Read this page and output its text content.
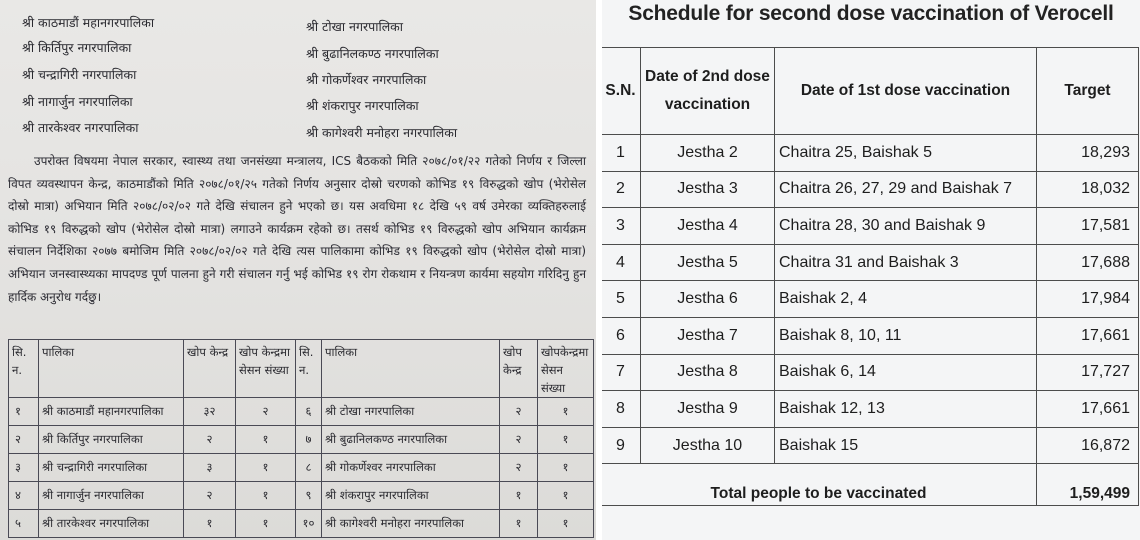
श्री काठमाडौं महानगरपालिका
श्री किर्तिपुर नगरपालिका
श्री चन्द्रागिरी नगरपालिका
श्री नागार्जुन नगरपालिका
श्री तारकेश्वर नगरपालिका
श्री टोखा नगरपालिका
श्री बुढानिलकण्ठ नगरपालिका
श्री गोकर्णेश्वर नगरपालिका
श्री शंकरापुर नगरपालिका
श्री कागेश्वरी मनोहरा नगरपालिका
उपरोक्त विषयमा नेपाल सरकार, स्वास्थ्य तथा जनसंख्या मन्त्रालय, ICS बैठकको मिति २०७८/०१/२२ गतेको निर्णय र जिल्ला विपत व्यवस्थापन केन्द्र, काठमाडौंको मिति २०७८/०१/२५ गतेको निर्णय अनुसार दोस्रो चरणको कोभिड १९ विरुद्धको खोप (भेरोसेल दोस्रो मात्रा) अभियान मिति २०७८/०२/०२ गते देखि संचालन हुने भएको छ। यस अवधिमा १८ देखि ५९ वर्ष उमेरका व्यक्तिहरुलाई कोभिड १९ विरुद्धको खोप (भेरोसेल दोस्रो मात्रा) लगाउने कार्यक्रम रहेको छ। तसर्थ कोभिड १९ विरुद्धको खोप अभियान कार्यक्रम संचालन निर्देशिका २०७७ बमोजिम मिति २०७८/०२/०२ गते देखि त्यस पालिकामा कोभिड १९ विरुद्धको खोप (भेरोसेल दोस्रो मात्रा) अभियान जनस्वास्थ्यका मापदण्ड पूर्ण पालना हुने गरी संचालन गर्नु भई कोभिड १९ रोग रोकथाम र नियन्त्रण कार्यमा सहयोग गरिदिनु हुन हार्दिक अनुरोध गर्दछु।
सि. न.	पालिका	खोप केन्द्र	खोप केन्द्रमा सेसन संख्या	सि. न.	पालिका	खोप केन्द्र	खोपकेन्द्रमा सेसन संख्या
१	श्री काठमाडौं महानगरपालिका	३२	२	६	श्री टोखा नगरपालिका	२	१
२	श्री किर्तिपुर नगरपालिका	२	१	७	श्री बुढानिलकण्ठ नगरपालिका	२	१
३	श्री चन्द्रागिरी नगरपालिका	३	१	८	श्री गोकर्णेश्वर नगरपालिका	२	१
४	श्री नागार्जुन नगरपालिका	२	१	९	श्री शंकरापुर नगरपालिका	१	१
५	श्री तारकेश्वर नगरपालिका	१	१	१०	श्री कागेश्वरी मनोहरा नगरपालिका	१	१
Schedule for second dose vaccination of Verocell
S.N.	Date of 2nd dose vaccination	Date of 1st dose vaccination	Target
1	Jestha 2	Chaitra 25, Baishak 5	18,293
2	Jestha 3	Chaitra 26, 27, 29 and Baishak 7	18,032
3	Jestha 4	Chaitra 28, 30 and Baishak 9	17,581
4	Jestha 5	Chaitra 31 and Baishak 3	17,688
5	Jestha 6	Baishak 2, 4	17,984
6	Jestha 7	Baishak 8, 10, 11	17,661
7	Jestha 8	Baishak 6, 14	17,727
8	Jestha 9	Baishak 12, 13	17,661
9	Jestha 10	Baishak 15	16,872
Total people to be vaccinated			1,59,499
